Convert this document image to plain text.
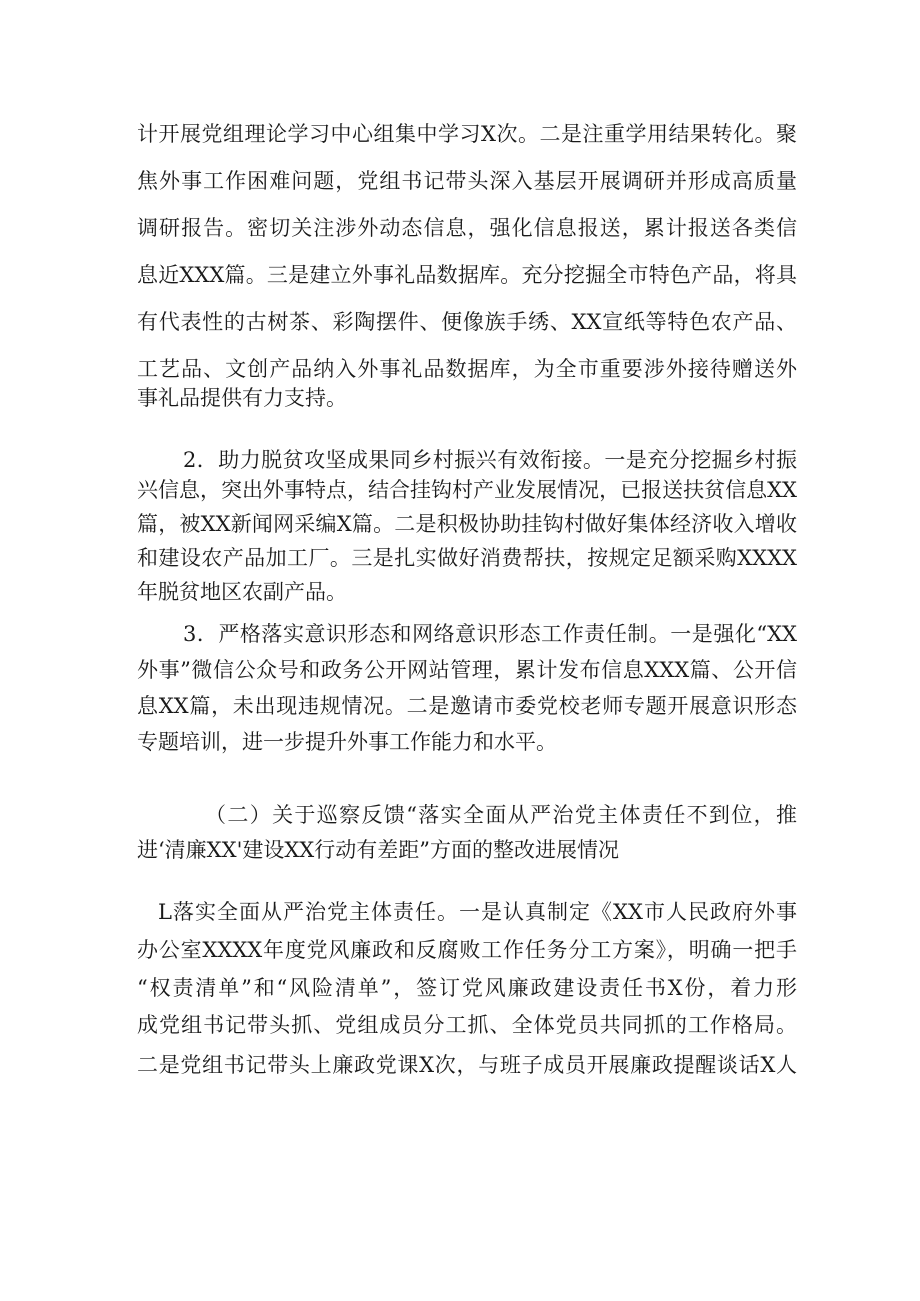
计开展党组理论学习中心组集中学习X次。二是注重学用结果转化。聚
焦外事工作困难问题，党组书记带头深入基层开展调研并形成高质量
调研报告。密切关注涉外动态信息，强化信息报送，累计报送各类信
息近XXX篇。三是建立外事礼品数据库。充分挖掘全市特色产品，将具
有代表性的古树茶、彩陶摆件、便像族手绣、XX宣纸等特色农产品、
工艺品、文创产品纳入外事礼品数据库，为全市重要涉外接待赠送外
事礼品提供有力支持。
2．助力脱贫攻坚成果同乡村振兴有效衔接。一是充分挖掘乡村振
兴信息，突出外事特点，结合挂钩村产业发展情况，已报送扶贫信息XX
篇，被XX新闻网采编X篇。二是积极协助挂钩村做好集体经济收入增收
和建设农产品加工厂。三是扎实做好消费帮扶，按规定足额采购XXXX
年脱贫地区农副产品。
3．严格落实意识形态和网络意识形态工作责任制。一是强化“XX
外事”微信公众号和政务公开网站管理，累计发布信息XXX篇、公开信
息XX篇，未出现违规情况。二是邀请市委党校老师专题开展意识形态
专题培训，进一步提升外事工作能力和水平。
（二）关于巡察反馈“落实全面从严治党主体责任不到位，推
进‘清廉XX'建设XX行动有差距”方面的整改进展情况
L落实全面从严治党主体责任。一是认真制定《XX市人民政府外事
办公室XXXX年度党风廉政和反腐败工作任务分工方案》，明确一把手
“权责清单”和“风险清单”，签订党风廉政建设责任书X份，着力形
成党组书记带头抓、党组成员分工抓、全体党员共同抓的工作格局。
二是党组书记带头上廉政党课X次，与班子成员开展廉政提醒谈话X人
